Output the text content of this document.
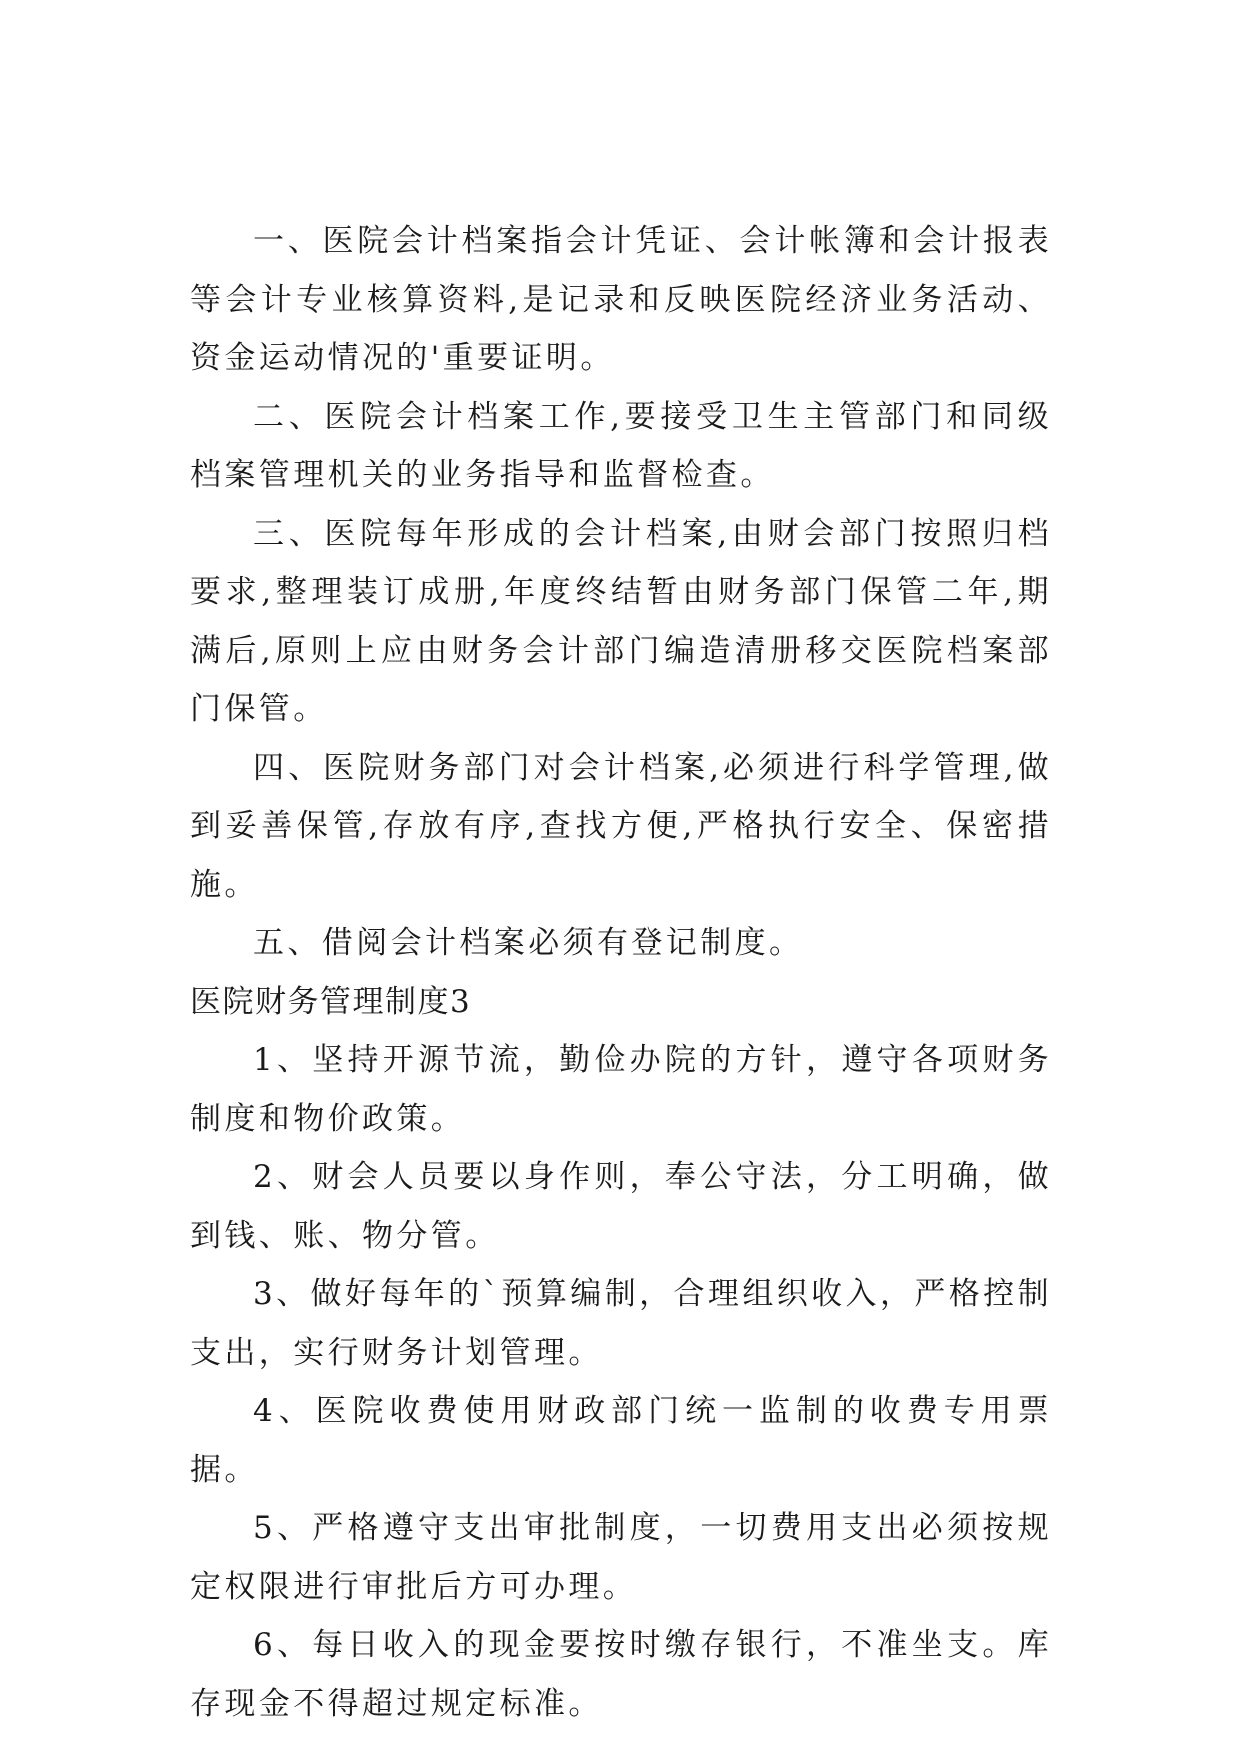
一、医院会计档案指会计凭证、会计帐簿和会计报表等会计专业核算资料,是记录和反映医院经济业务活动、资金运动情况的'重要证明。

二、医院会计档案工作,要接受卫生主管部门和同级档案管理机关的业务指导和监督检查。

三、医院每年形成的会计档案,由财会部门按照归档要求,整理装订成册,年度终结暂由财务部门保管二年,期满后,原则上应由财务会计部门编造清册移交医院档案部门保管。

四、医院财务部门对会计档案,必须进行科学管理,做到妥善保管,存放有序,查找方便,严格执行安全、保密措施。

五、借阅会计档案必须有登记制度。

医院财务管理制度3

1、坚持开源节流，勤俭办院的方针，遵守各项财务制度和物价政策。

2、财会人员要以身作则，奉公守法，分工明确，做到钱、账、物分管。

3、做好每年的`预算编制，合理组织收入，严格控制支出，实行财务计划管理。

4、医院收费使用财政部门统一监制的收费专用票据。

5、严格遵守支出审批制度，一切费用支出必须按规定权限进行审批后方可办理。

6、每日收入的现金要按时缴存银行，不准坐支。库存现金不得超过规定标准。
